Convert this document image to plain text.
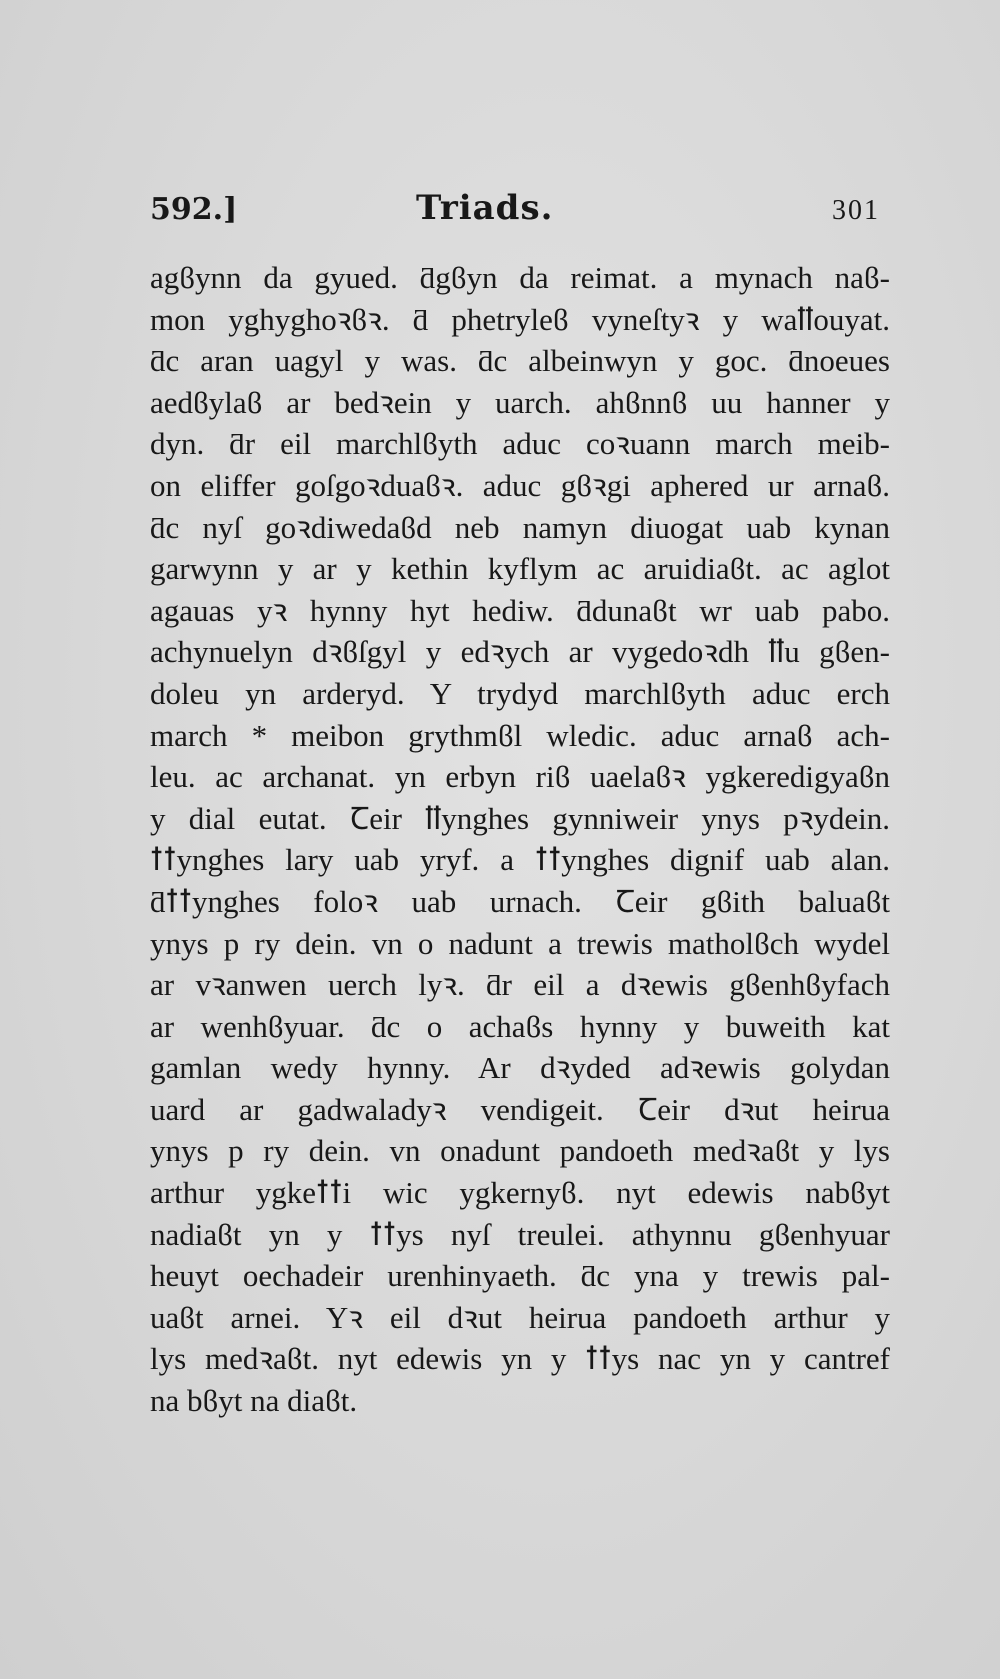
592.]	Triads.	301
agϐynn da gyued. ƌgϐyn da reimat. a mynach naϐ-
mon yghyghoꝛϐꝛ. ƌ phetryleϐ vyneſtyꝛ y waꝉꝉouyat.
ƌc aran uagyl y was. ƌc albeinwyn y goc. ƌnoeues
aedϐylaϐ ar bedꝛein y uarch. ahϐnnϐ uu hanner y
dyn. ƌr eil marchlϐyth aduc coꝛuann march meib-
on eliffer goſgoꝛduaϐꝛ. aduc gϐꝛgi aphered ur arnaϐ.
ƌc nyſ goꝛdiwedaϐd neb namyn diuogat uab kynan
garwynn y ar y kethin kyflym ac aruidiaϐt. ac aglot
agauas yꝛ hynny hyt hediw. ƌdunaϐt wr uab pabo.
achynuelyn dꝛϐſgyl y edꝛych ar vygedoꝛdh ꝉꝉu gϐen-
doleu yn arderyd. Y trydyd marchlϐyth aduc erch
march * meibon grythmϐl wledic. aduc arnaϐ ach-
leu. ac archanat. yn erbyn riϐ uaelaϐꝛ ygkeredigyaϐn
y dial eutat. Ꞇeir ꝉꝉynghes gynniweir ynys pꝛydein.
ꝉꝉynghes lary uab yryf. a ꝉꝉynghes dignif uab alan.
ƌꝉꝉynghes foloꝛ uab urnach. Ꞇeir gϐith baluaϐt
ynys p ry dein. vn o nadunt a trewis matholϐch wydel
ar vꝛanwen uerch lyꝛ. ƌr eil a dꝛewis gϐenhϐyfach
ar wenhϐyuar. ƌc o achaϐs hynny y buweith kat
gamlan wedy hynny. Ar dꝛyded adꝛewis golydan
uard ar gadwaladyꝛ vendigeit. Ꞇeir dꝛut heirua
ynys p ry dein. vn onadunt pandoeth medꝛaϐt y lys
arthur ygkeꝉꝉi wic ygkernyϐ. nyt edewis nabϐyt
nadiaϐt yn y ꝉꝉys nyſ treulei. athynnu gϐenhyuar
heuyt oechadeir urenhinyaeth. ƌc yna y trewis pal-
uaϐt arnei. Yꝛ eil dꝛut heirua pandoeth arthur y
lys medꝛaϐt. nyt edewis yn y ꝉꝉys nac yn y cantref
na bϐyt na diaϐt.
